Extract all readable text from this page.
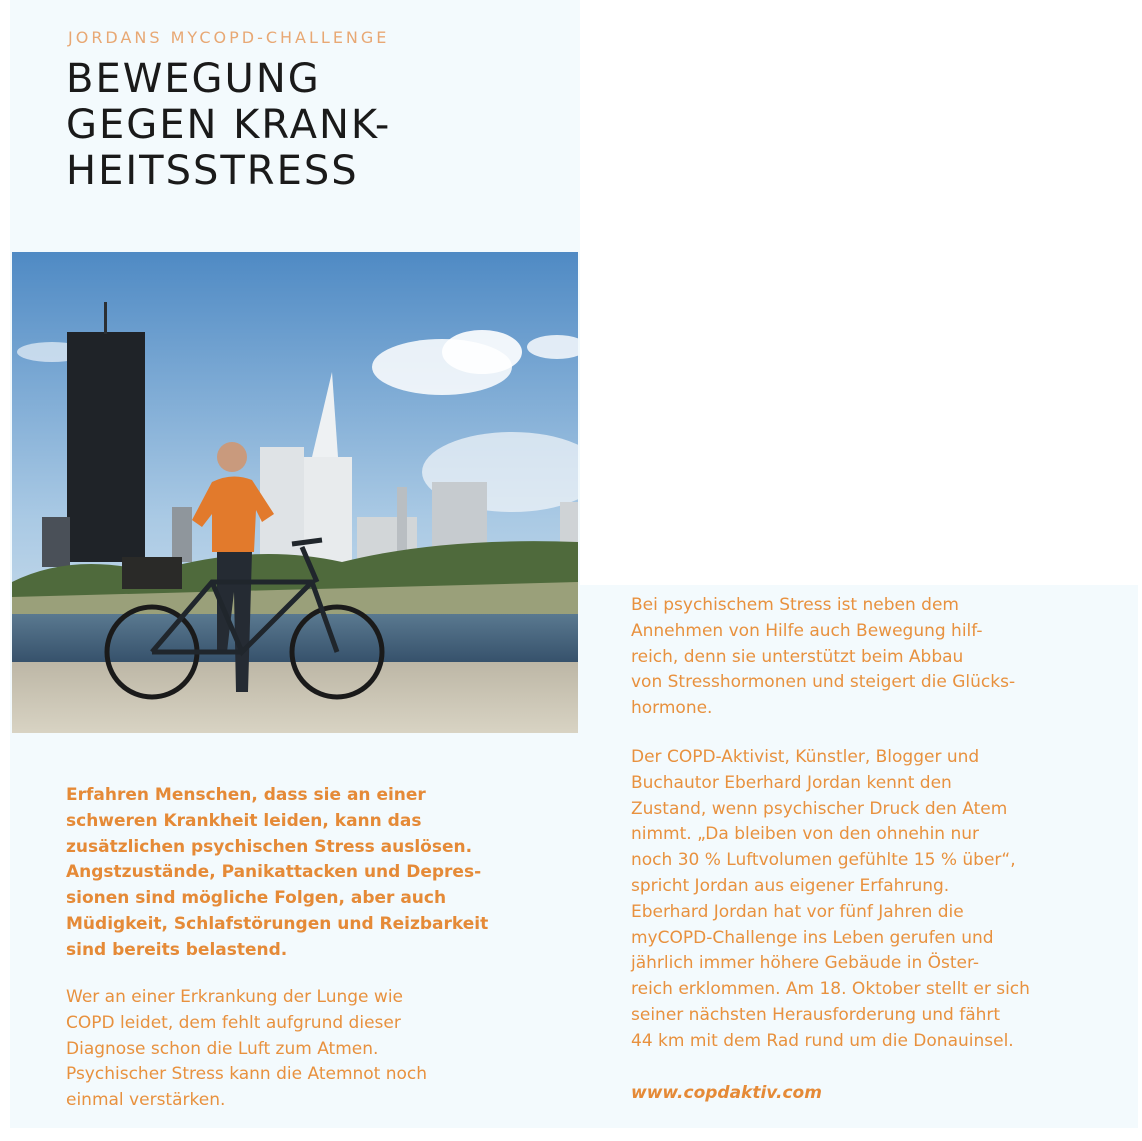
JORDANS MYCOPD-CHALLENGE
BEWEGUNG
GEGEN KRANK-
HEITSSTRESS

Erfahren Menschen, dass sie an einer
schweren Krankheit leiden, kann das
zusätzlichen psychischen Stress auslösen.
Angstzustände, Panikattacken und Depres-
sionen sind mögliche Folgen, aber auch
Müdigkeit, Schlafstörungen und Reizbarkeit
sind bereits belastend.

Wer an einer Erkrankung der Lunge wie
COPD leidet, dem fehlt aufgrund dieser
Diagnose schon die Luft zum Atmen.
Psychischer Stress kann die Atemnot noch
einmal verstärken.

Bei psychischem Stress ist neben dem
Annehmen von Hilfe auch Bewegung hilf-
reich, denn sie unterstützt beim Abbau
von Stresshormonen und steigert die Glücks-
hormone.

Der COPD-Aktivist, Künstler, Blogger und
Buchautor Eberhard Jordan kennt den
Zustand, wenn psychischer Druck den Atem
nimmt. „Da bleiben von den ohnehin nur
noch 30 % Luftvolumen gefühlte 15 % über“,
spricht Jordan aus eigener Erfahrung.
Eberhard Jordan hat vor fünf Jahren die
myCOPD-Challenge ins Leben gerufen und
jährlich immer höhere Gebäude in Öster-
reich erklommen. Am 18. Oktober stellt er sich
seiner nächsten Herausforderung und fährt
44 km mit dem Rad rund um die Donauinsel.

www.copdaktiv.com
